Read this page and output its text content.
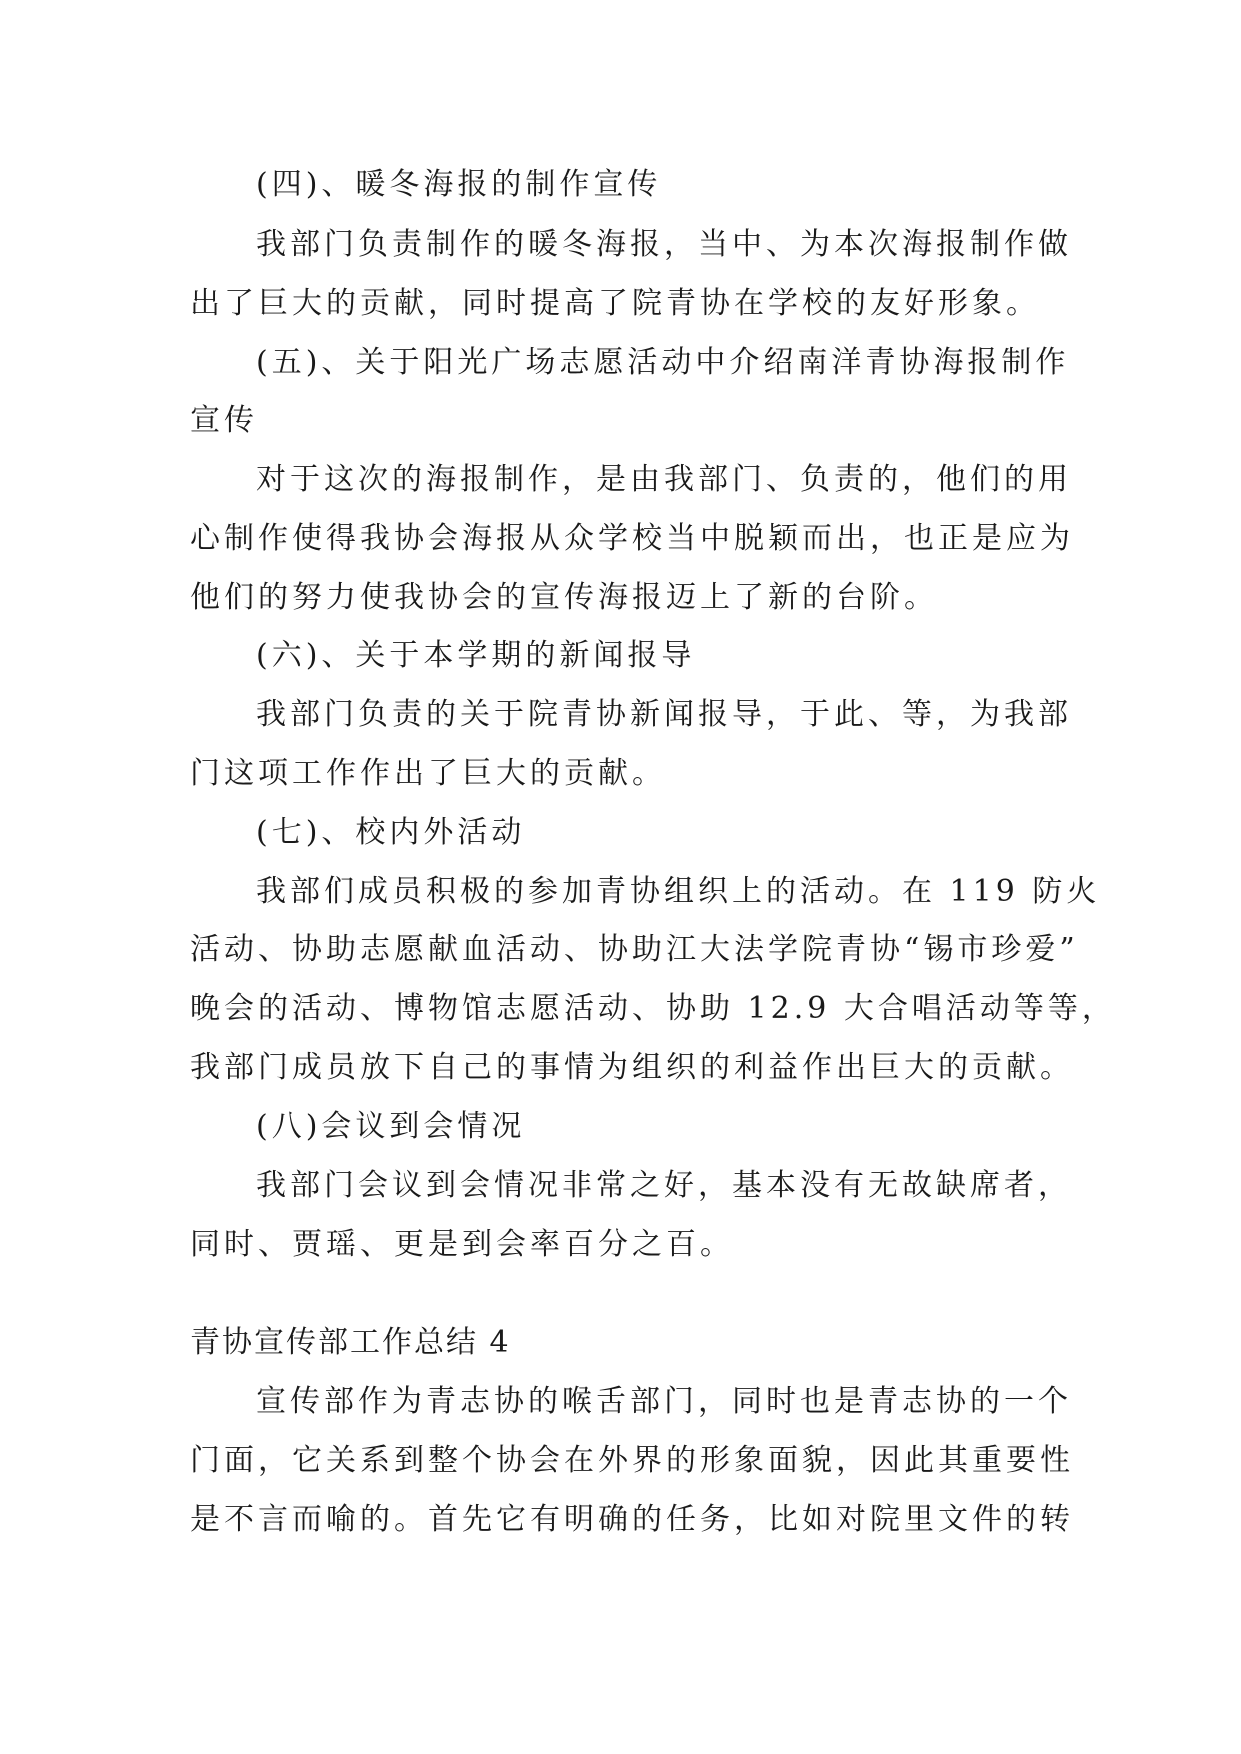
(四)、暖冬海报的制作宣传
我部门负责制作的暖冬海报，当中、为本次海报制作做
出了巨大的贡献，同时提高了院青协在学校的友好形象。
(五)、关于阳光广场志愿活动中介绍南洋青协海报制作
宣传
对于这次的海报制作，是由我部门、负责的，他们的用
心制作使得我协会海报从众学校当中脱颖而出，也正是应为
他们的努力使我协会的宣传海报迈上了新的台阶。
(六)、关于本学期的新闻报导
我部门负责的关于院青协新闻报导，于此、等，为我部
门这项工作作出了巨大的贡献。
(七)、校内外活动
我部们成员积极的参加青协组织上的活动。在 119 防火
活动、协助志愿献血活动、协助江大法学院青协“锡市珍爱”
晚会的活动、博物馆志愿活动、协助 12.9 大合唱活动等等，
我部门成员放下自己的事情为组织的利益作出巨大的贡献。
(八)会议到会情况
我部门会议到会情况非常之好，基本没有无故缺席者，
同时、贾瑶、更是到会率百分之百。
青协宣传部工作总结 4
宣传部作为青志协的喉舌部门，同时也是青志协的一个
门面，它关系到整个协会在外界的形象面貌，因此其重要性
是不言而喻的。首先它有明确的任务，比如对院里文件的转
